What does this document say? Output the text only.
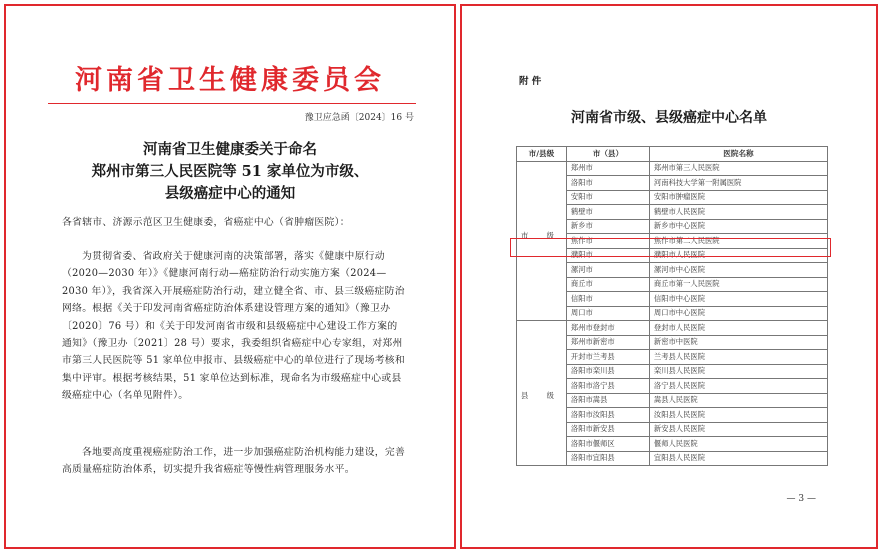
河南省卫生健康委员会
豫卫应急函〔2024〕16 号
河南省卫生健康委关于命名
郑州市第三人民医院等 51 家单位为市级、
县级癌症中心的通知
各省辖市、济源示范区卫生健康委，省癌症中心（省肿瘤医院）：
为贯彻省委、省政府关于健康河南的决策部署，落实《健康中原行动（2020—2030 年）》《健康河南行动—癌症防治行动实施方案（2024—2030 年）》，我省深入开展癌症防治行动，建立健全省、市、县三级癌症防治网络。根据《关于印发河南省癌症防治体系建设管理方案的通知》（豫卫办〔2020〕76 号）和《关于印发河南省市级和县级癌症中心建设工作方案的通知》（豫卫办〔2021〕28 号）要求，我委组织省癌症中心专家组，对郑州市第三人民医院等 51 家单位申报市、县级癌症中心的单位进行了现场考核和集中评审。根据考核结果，51 家单位达到标准，现命名为市级癌症中心或县级癌症中心（名单见附件）。
各地要高度重视癌症防治工作，进一步加强癌症防治机构能力建设，完善高质量癌症防治体系，切实提升我省癌症等慢性病管理服务水平。
附 件
河南省市级、县级癌症中心名单
市/县级	市（县）	医院名称

市 级	郑州市	郑州市第三人民医院
	洛阳市	河南科技大学第一附属医院
	安阳市	安阳市肿瘤医院
	鹤壁市	鹤壁市人民医院
	新乡市	新乡市中心医院
	焦作市	焦作市第二人民医院
	濮阳市	濮阳市人民医院
	漯河市	漯河市中心医院
	商丘市	商丘市第一人民医院
	信阳市	信阳市中心医院
	周口市	周口市中心医院

县 级	郑州市登封市	登封市人民医院
	郑州市新密市	新密市中医院
	开封市兰考县	兰考县人民医院
	洛阳市栾川县	栾川县人民医院
	洛阳市洛宁县	洛宁县人民医院
	洛阳市嵩县	嵩县人民医院
	洛阳市汝阳县	汝阳县人民医院
	洛阳市新安县	新安县人民医院
	洛阳市偃师区	偃师人民医院
	洛阳市宜阳县	宜阳县人民医院
— 3 —
